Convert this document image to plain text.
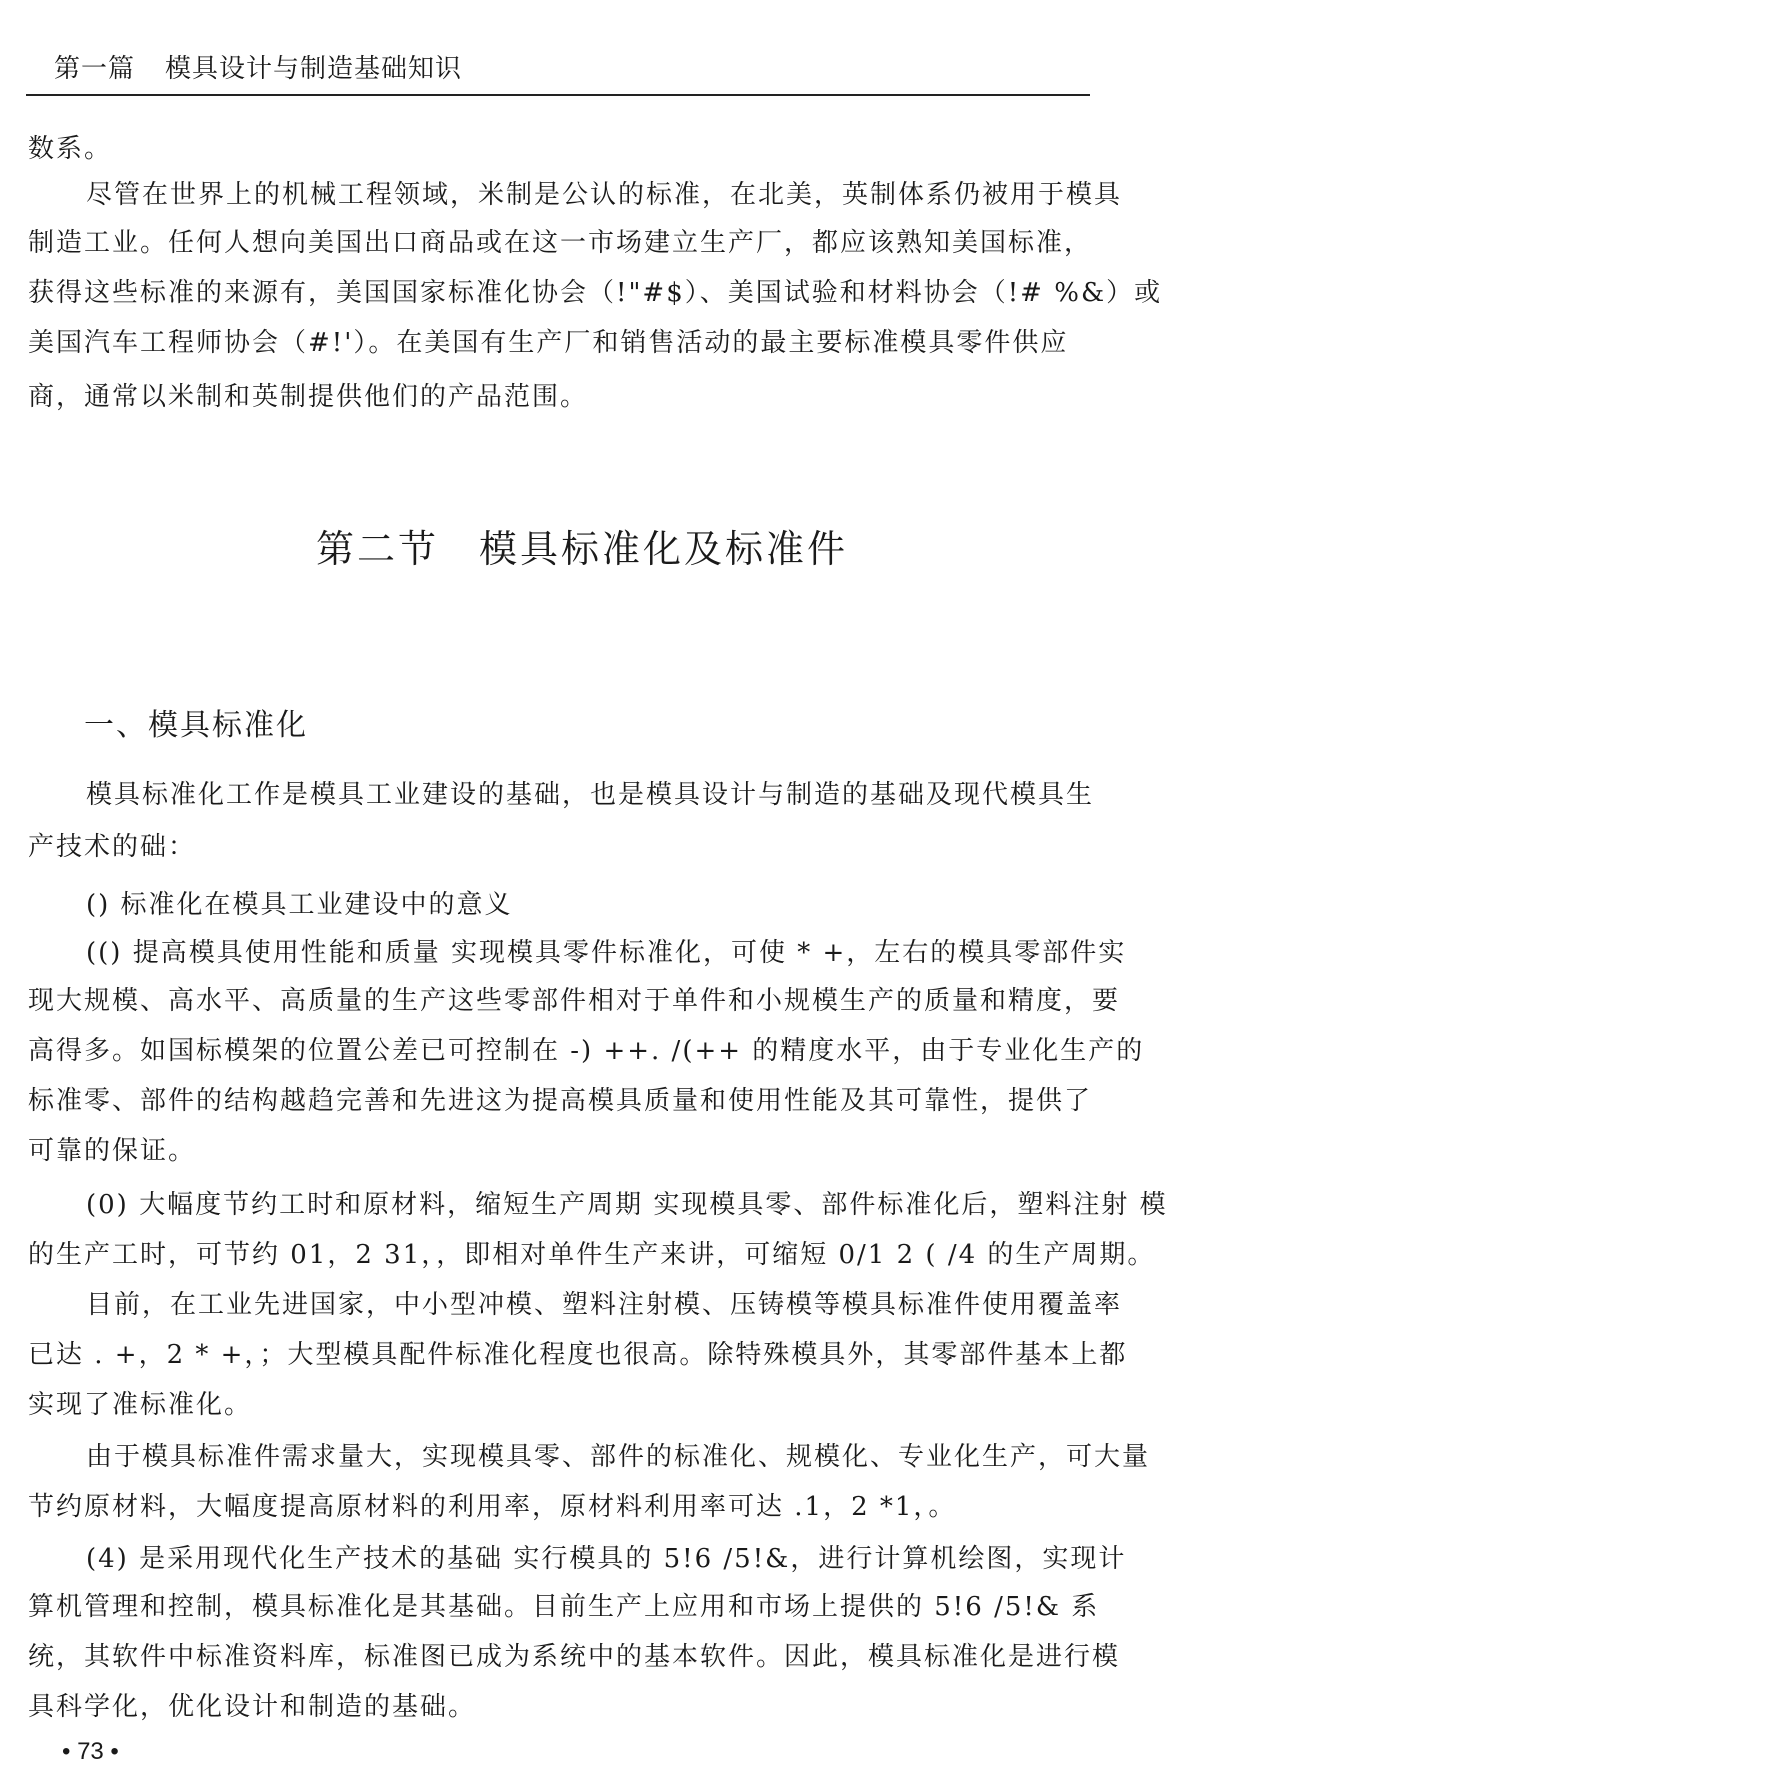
第一篇 模具设计与制造基础知识
数系。
尽管在世界上的机械工程领域，米制是公认的标准，在北美，英制体系仍被用于模具
制造工业。任何人想向美国出口商品或在这一市场建立生产厂，都应该熟知美国标准，
获得这些标准的来源有，美国国家标准化协会（!"#$）、美国试验和材料协会（!# %&）或
美国汽车工程师协会（#!'）。在美国有生产厂和销售活动的最主要标准模具零件供应
商，通常以米制和英制提供他们的产品范围。
第二节 模具标准化及标准件
一、模具标准化
模具标准化工作是模具工业建设的基础，也是模具设计与制造的基础及现代模具生
产技术的础：
() 标准化在模具工业建设中的意义
(() 提高模具使用性能和质量 实现模具零件标准化，可使 * +，左右的模具零部件实
现大规模、高水平、高质量的生产这些零部件相对于单件和小规模生产的质量和精度，要
高得多。如国标模架的位置公差已可控制在 -) ++. /(++ 的精度水平，由于专业化生产的
标准零、部件的结构越趋完善和先进这为提高模具质量和使用性能及其可靠性，提供了
可靠的保证。
(0) 大幅度节约工时和原材料，缩短生产周期 实现模具零、部件标准化后，塑料注射 模
的生产工时，可节约 01，2 31，，即相对单件生产来讲，可缩短 0/1 2 ( /4 的生产周期。
目前，在工业先进国家，中小型冲模、塑料注射模、压铸模等模具标准件使用覆盖率
已达 . +，2 * +，；大型模具配件标准化程度也很高。除特殊模具外，其零部件基本上都
实现了准标准化。
由于模具标准件需求量大，实现模具零、部件的标准化、规模化、专业化生产，可大量
节约原材料，大幅度提高原材料的利用率，原材料利用率可达 .1，2 *1，。
(4) 是采用现代化生产技术的基础 实行模具的 5!6 /5!&，进行计算机绘图，实现计
算机管理和控制，模具标准化是其基础。目前生产上应用和市场上提供的 5!6 /5!& 系
统，其软件中标准资料库，标准图已成为系统中的基本软件。因此，模具标准化是进行模
具科学化，优化设计和制造的基础。
• 73 •
